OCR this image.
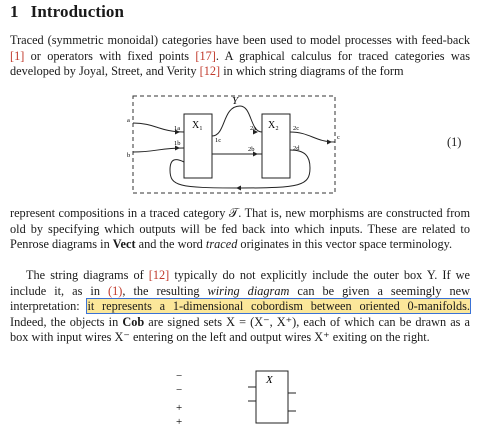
1 Introduction
Traced (symmetric monoidal) categories have been used to model processes with feed-back [1] or operators with fixed points [17]. A graphical calculus for traced categories was developed by Joyal, Street, and Verity [12] in which string diagrams of the form
Y
X₁	X₂
a
b
1a
1b	1c
2a
2b
2c
2d
c	(1)
represent compositions in a traced category 𝒯. That is, new morphisms are constructed from old by specifying which outputs will be fed back into which inputs. These are related to Penrose diagrams in Vect and the word traced originates in this vector space terminology.
The string diagrams of [12] typically do not explicitly include the outer box Y. If we include it, as in (1), the resulting wiring diagram can be given a seemingly new interpretation: it represents a 1-dimensional cobordism between oriented 0-manifolds. Indeed, the objects in Cob are signed sets X = (X⁻, X⁺), each of which can be drawn as a box with input wires X⁻ entering on the left and output wires X⁺ exiting on the right.
−
−
+
+
X
